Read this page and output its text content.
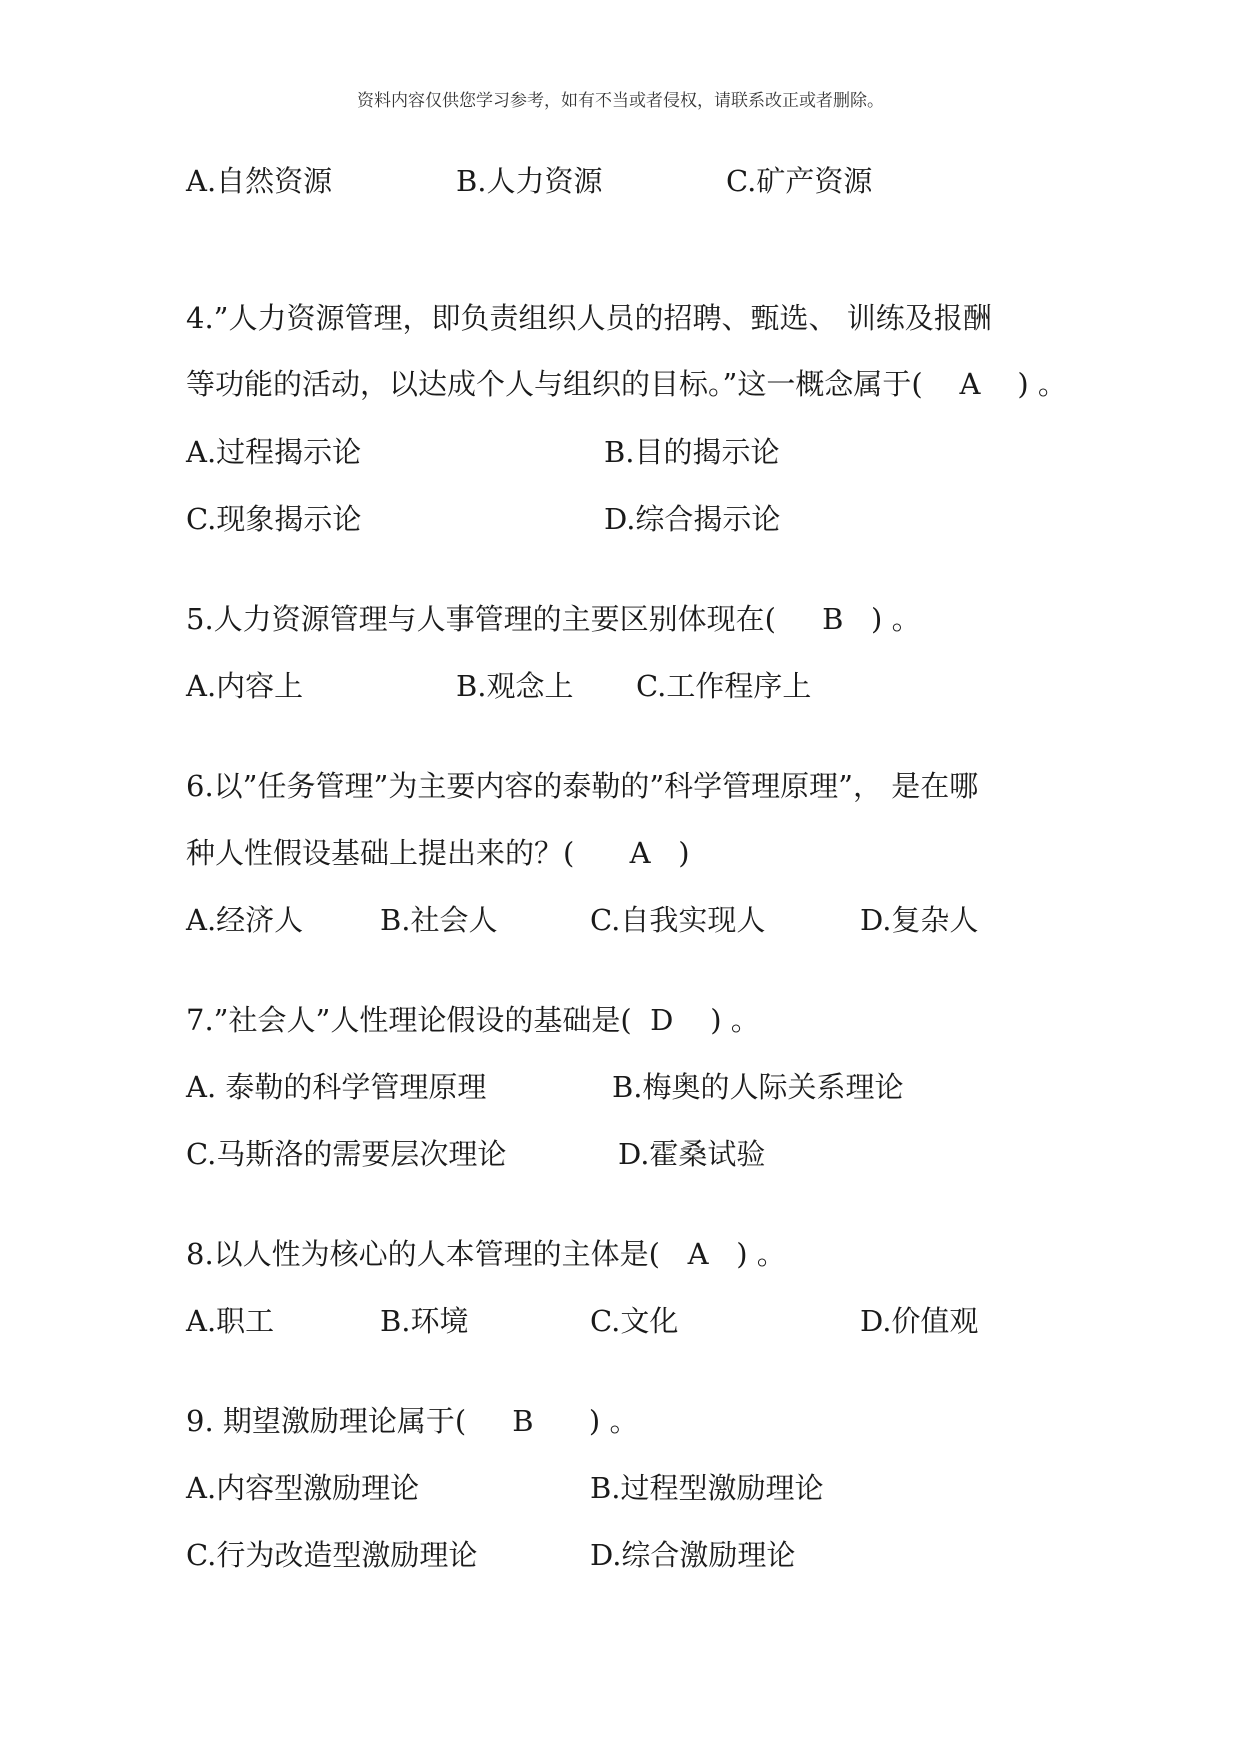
资料内容仅供您学习参考，如有不当或者侵权，请联系改正或者删除。
A.自然资源	B.人力资源	C.矿产资源
4.”人力资源管理，即负责组织人员的招聘、甄选、 训练及报酬
等功能的活动，以达成个人与组织的目标。”这一概念属于(    A    ) 。
A.过程揭示论	B.目的揭示论
C.现象揭示论	D.综合揭示论
5.人力资源管理与人事管理的主要区别体现在(     B   ) 。
A.内容上	B.观念上 C.工作程序上
6.以”任务管理”为主要内容的泰勒的”科学管理原理”， 是在哪
种人性假设基础上提出来的？(      A   )
A.经济人	B.社会人	C.自我实现人	D.复杂人
7.”社会人”人性理论假设的基础是(  D    ) 。
A. 泰勒的科学管理原理	B.梅奥的人际关系理论
C.马斯洛的需要层次理论	D.霍桑试验
8.以人性为核心的人本管理的主体是(   A   ) 。
A.职工	B.环境	C.文化	D.价值观
9. 期望激励理论属于(     B      ) 。
A.内容型激励理论	B.过程型激励理论
C.行为改造型激励理论	D.综合激励理论
